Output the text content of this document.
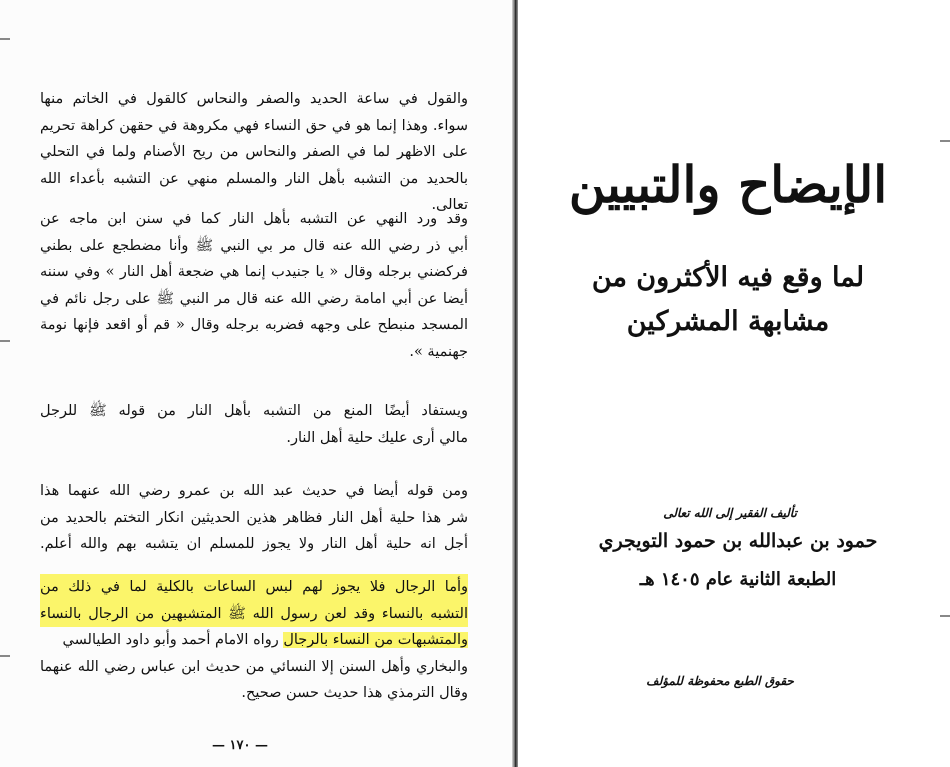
والقول في ساعة الحديد والصفر والنحاس كالقول في الخاتم منها
سواء. وهذا إنما هو في حق النساء فهي مكروهة في حقهن كراهة تحريم
على الاظهر لما في الصفر والنحاس من ريح الأصنام ولما في التحلي
بالحديد من التشبه بأهل النار والمسلم منهي عن التشبه بأعداء الله تعالى.
وقد ورد النهي عن التشبه بأهل النار كما في سنن ابن ماجه عن
أبي ذر رضي الله عنه قال مر بي النبي ﷺ وأنا مضطجع على بطني
فركضني برجله وقال « يا جنيدب إنما هي ضجعة أهل النار » وفي سننه
أيضا عن أبي امامة رضي الله عنه قال مر النبي ﷺ على رجل نائم في
المسجد منبطح على وجهه فضربه برجله وقال « قم أو اقعد فإنها نومة
جهنمية ».
ويستفاد أيضًا المنع من التشبه بأهل النار من قوله ﷺ للرجل
مالي أرى عليك حلية أهل النار.
ومن قوله أيضا في حديث عبد الله بن عمرو رضي الله عنهما هذا
شر هذا حلية أهل النار فظاهر هذين الحديثين انكار التختم بالحديد من
أجل انه حلية أهل النار ولا يجوز للمسلم ان يتشبه بهم والله أعلم.
وأما الرجال فلا يجوز لهم لبس الساعات بالكلية لما في ذلك من
التشبه بالنساء وقد لعن رسول الله ﷺ المتشبهين من الرجال بالنساء
والمتشبهات من النساء بالرجال رواه الامام أحمد وأبو داود الطيالسي
والبخاري وأهل السنن إلا النسائي من حديث ابن عباس رضي الله عنهما
وقال الترمذي هذا حديث حسن صحيح.
— ١٧٠ —
الإيضاح والتبيين
لما وقع فيه الأكثرون من مشابهة المشركين
تأليف الفقير إلى الله تعالى
حمود بن عبدالله بن حمود التويجري
الطبعة الثانية عام ١٤٠٥ هـ
حقوق الطبع محفوظة للمؤلف
